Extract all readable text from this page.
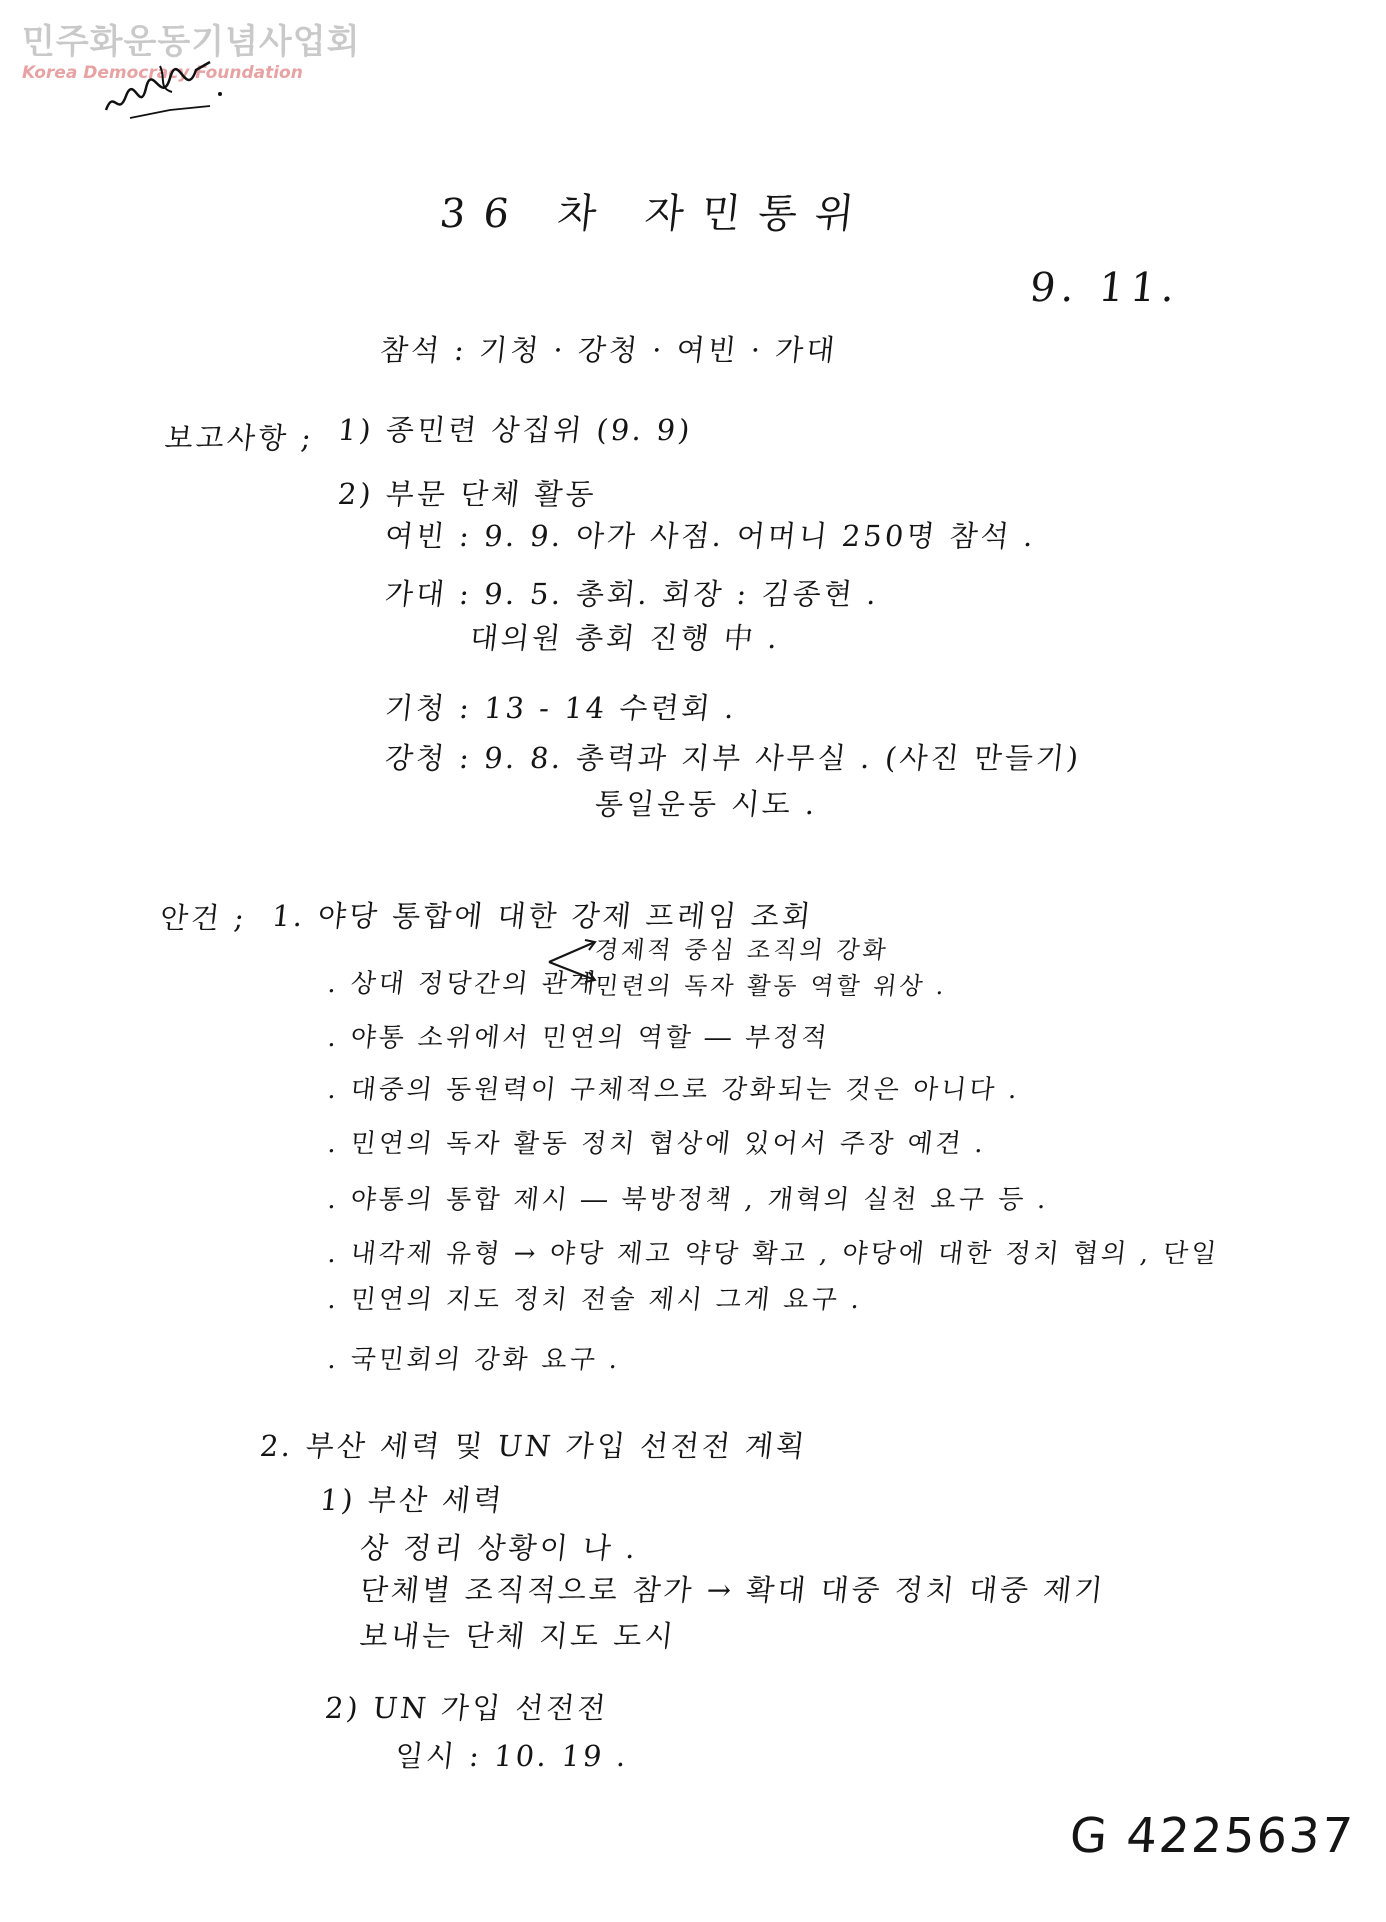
민주화운동기념사업회
Korea Democracy Foundation
36 차 자민통위
9. 11.
참석 : 기청 · 강청 · 여빈 · 가대
보고사항 ; 1) 종민련 상집위 (9. 9)
2) 부문 단체 활동
여빈 : 9. 9. 아가 사점. 어머니 250명 참석 .
가대 : 9. 5. 총회. 회장 : 김종현 .
대의원 총회 진행 中 .
기청 : 13 - 14 수련회 .
강청 : 9. 8. 총력과 지부 사무실 . (사진 만들기)
통일운동 시도 .
안건 ; 1. 야당 통합에 대한 강제 프레임 조회
경제적 중심 조직의 강화
민련의 독자 활동 역할 위상 .
. 상대 정당간의 관계
. 야통 소위에서 민연의 역할 ― 부정적
. 대중의 동원력이 구체적으로 강화되는 것은 아니다 .
. 민연의 독자 활동 정치 협상에 있어서 주장 예견 .
. 야통의 통합 제시 ― 북방정책 , 개혁의 실천 요구 등 .
. 내각제 유형 → 야당 제고 약당 확고 , 야당에 대한 정치 협의 , 단일
. 민연의 지도 정치 전술 제시 그게 요구 .
. 국민회의 강화 요구 .
2. 부산 세력 및 UN 가입 선전전 계획
1) 부산 세력
상 정리 상황이 나 .
단체별 조직적으로 참가 → 확대 대중 정치 대중 제기
보내는 단체 지도 도시
2) UN 가입 선전전
일시 : 10. 19 .
G 4225637
